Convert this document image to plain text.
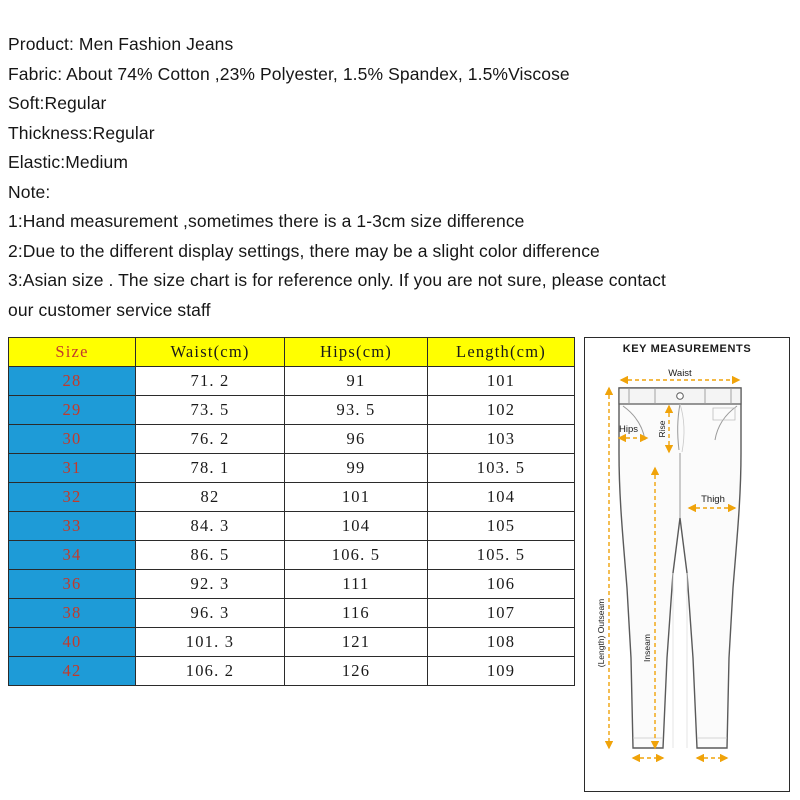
Product: Men Fashion Jeans
Fabric: About 74% Cotton ,23% Polyester, 1.5% Spandex, 1.5%Viscose
Soft:Regular
Thickness:Regular
Elastic:Medium
Note:
1:Hand measurement ,sometimes there is a 1-3cm size difference
2:Due to the different display settings, there may be a slight color difference
3:Asian size . The size chart is for reference only. If you are not sure, please contact
our customer service staff
Size	Waist(cm)	Hips(cm)	Length(cm)
28	71. 2	91	101
29	73. 5	93. 5	102
30	76. 2	96	103
31	78. 1	99	103. 5
32	82	101	104
33	84. 3	104	105
34	86. 5	106. 5	105. 5
36	92. 3	111	106
38	96. 3	116	107
40	101. 3	121	108
42	106. 2	126	109
KEY MEASUREMENTS
Waist
Rise
Hips
Thigh
(Length) Outseam	Inseam
